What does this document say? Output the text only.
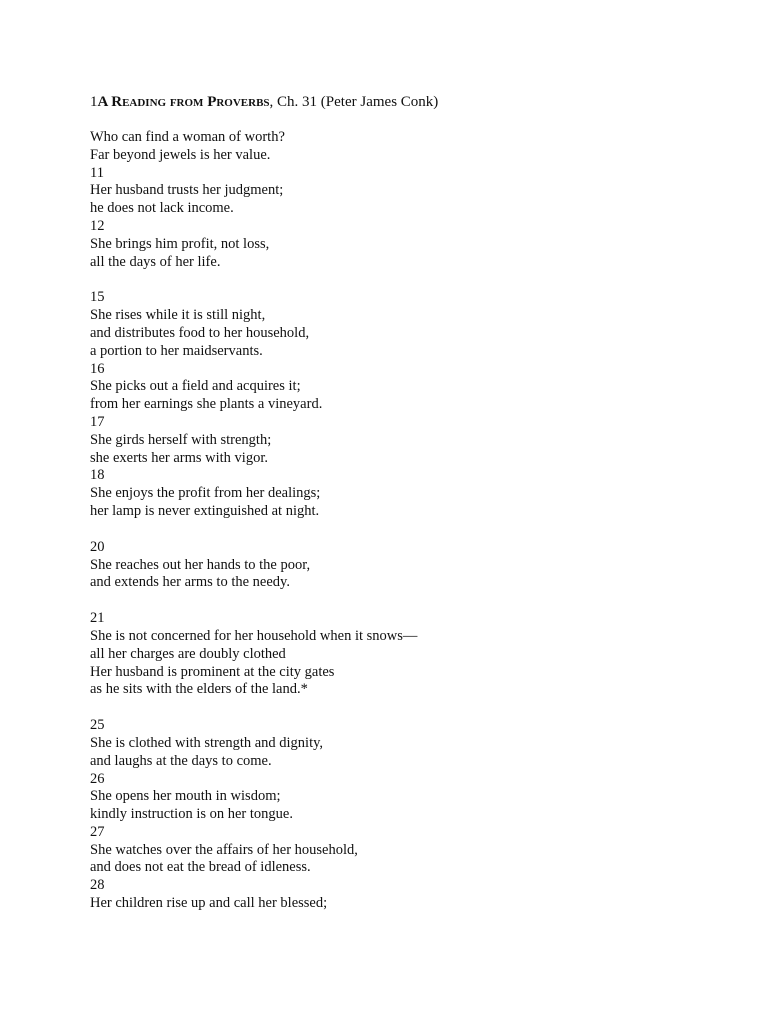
1A Reading from Proverbs, Ch. 31 (Peter James Conk)
Who can find a woman of worth?
Far beyond jewels is her value.
11
Her husband trusts her judgment;
he does not lack income.
12
She brings him profit, not loss,
all the days of her life.
15
She rises while it is still night,
and distributes food to her household,
a portion to her maidservants.
16
She picks out a field and acquires it;
from her earnings she plants a vineyard.
17
She girds herself with strength;
she exerts her arms with vigor.
18
She enjoys the profit from her dealings;
her lamp is never extinguished at night.
20
She reaches out her hands to the poor,
and extends her arms to the needy.
21
She is not concerned for her household when it snows—
all her charges are doubly clothed
Her husband is prominent at the city gates
as he sits with the elders of the land.*
25
She is clothed with strength and dignity,
and laughs at the days to come.
26
She opens her mouth in wisdom;
kindly instruction is on her tongue.
27
She watches over the affairs of her household,
and does not eat the bread of idleness.
28
Her children rise up and call her blessed;
